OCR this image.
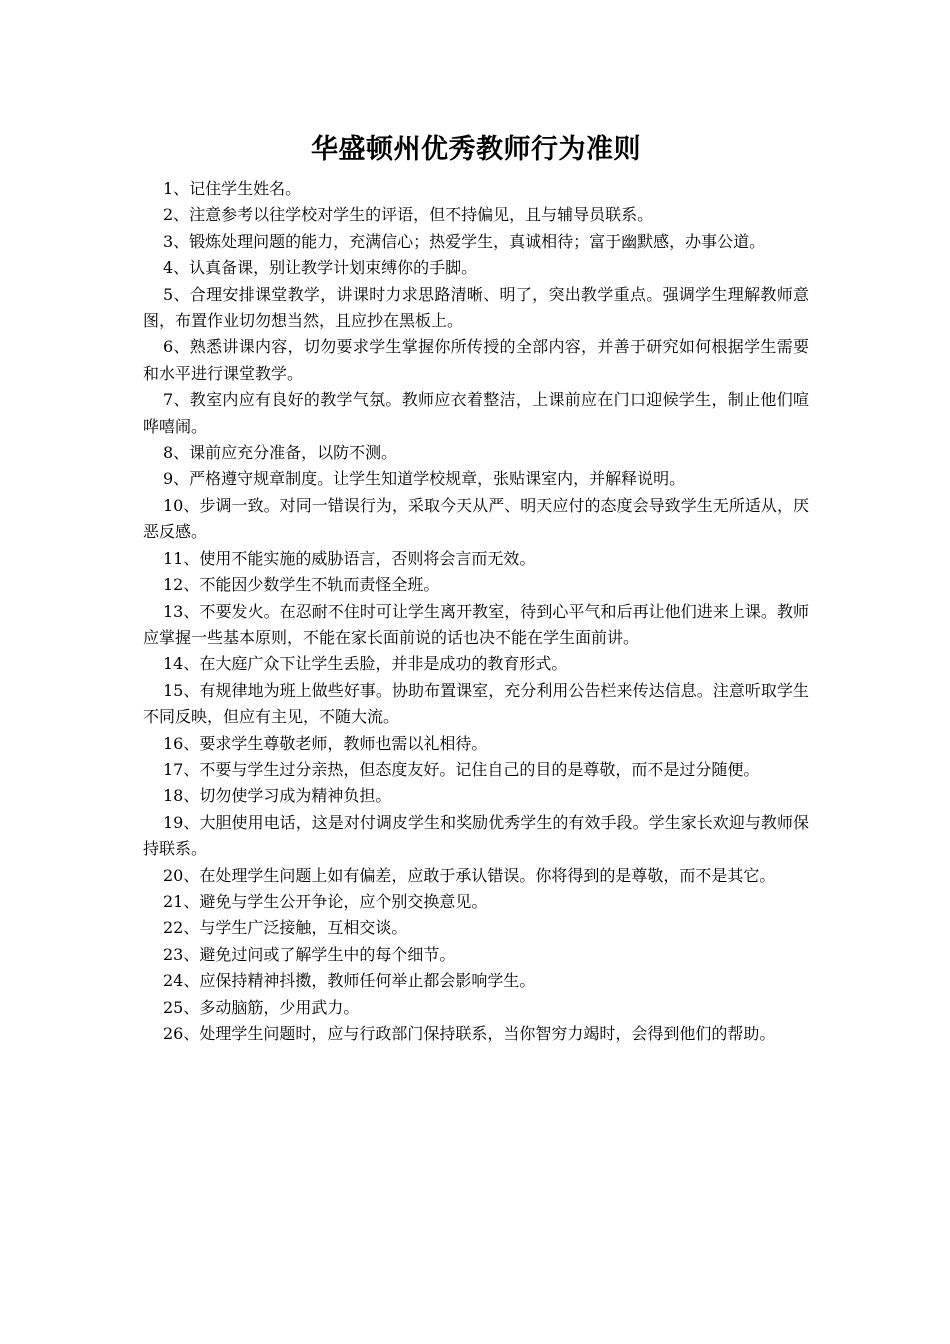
华盛顿州优秀教师行为准则
1、记住学生姓名。
2、注意参考以往学校对学生的评语，但不持偏见，且与辅导员联系。
3、锻炼处理问题的能力，充满信心；热爱学生，真诚相待；富于幽默感，办事公道。
4、认真备课，别让教学计划束缚你的手脚。
5、合理安排课堂教学，讲课时力求思路清晰、明了，突出教学重点。强调学生理解教师意图，布置作业切勿想当然，且应抄在黑板上。
6、熟悉讲课内容，切勿要求学生掌握你所传授的全部内容，并善于研究如何根据学生需要和水平进行课堂教学。
7、教室内应有良好的教学气氛。教师应衣着整洁，上课前应在门口迎候学生，制止他们喧哗嘻闹。
8、课前应充分准备，以防不测。
9、严格遵守规章制度。让学生知道学校规章，张贴课室内，并解释说明。
10、步调一致。对同一错误行为，采取今天从严、明天应付的态度会导致学生无所适从，厌恶反感。
11、使用不能实施的威胁语言，否则将会言而无效。
12、不能因少数学生不轨而责怪全班。
13、不要发火。在忍耐不住时可让学生离开教室，待到心平气和后再让他们进来上课。教师应掌握一些基本原则，不能在家长面前说的话也决不能在学生面前讲。
14、在大庭广众下让学生丢脸，并非是成功的教育形式。
15、有规律地为班上做些好事。协助布置课室，充分利用公告栏来传达信息。注意听取学生不同反映，但应有主见，不随大流。
16、要求学生尊敬老师，教师也需以礼相待。
17、不要与学生过分亲热，但态度友好。记住自己的目的是尊敬，而不是过分随便。
18、切勿使学习成为精神负担。
19、大胆使用电话，这是对付调皮学生和奖励优秀学生的有效手段。学生家长欢迎与教师保持联系。
20、在处理学生问题上如有偏差，应敢于承认错误。你将得到的是尊敬，而不是其它。
21、避免与学生公开争论，应个别交换意见。
22、与学生广泛接触，互相交谈。
23、避免过问或了解学生中的每个细节。
24、应保持精神抖擞，教师任何举止都会影响学生。
25、多动脑筋，少用武力。
26、处理学生问题时，应与行政部门保持联系，当你智穷力竭时，会得到他们的帮助。
